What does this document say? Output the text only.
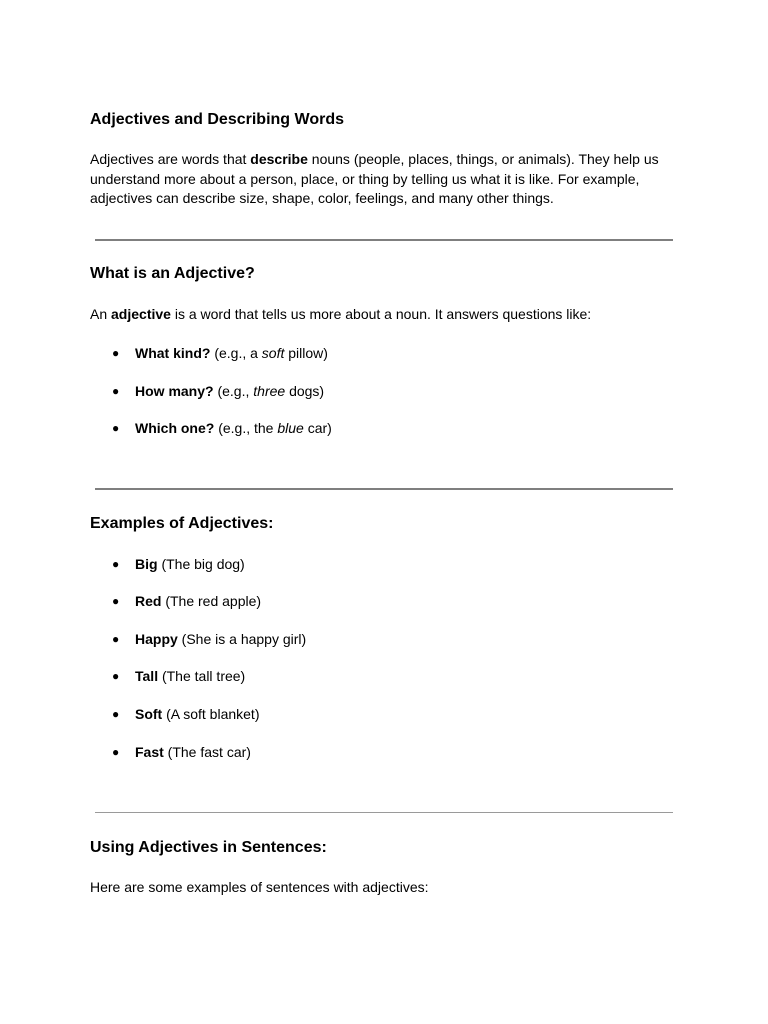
Adjectives and Describing Words

Adjectives are words that describe nouns (people, places, things, or animals). They help us understand more about a person, place, or thing by telling us what it is like. For example, adjectives can describe size, shape, color, feelings, and many other things.

What is an Adjective?

An adjective is a word that tells us more about a noun. It answers questions like:

● What kind? (e.g., a soft pillow)
● How many? (e.g., three dogs)
● Which one? (e.g., the blue car)
Examples of Adjectives:
● Big (The big dog)
● Red (The red apple)
● Happy (She is a happy girl)
● Tall (The tall tree)
● Soft (A soft blanket)
● Fast (The fast car)
Using Adjectives in Sentences:

Here are some examples of sentences with adjectives:
